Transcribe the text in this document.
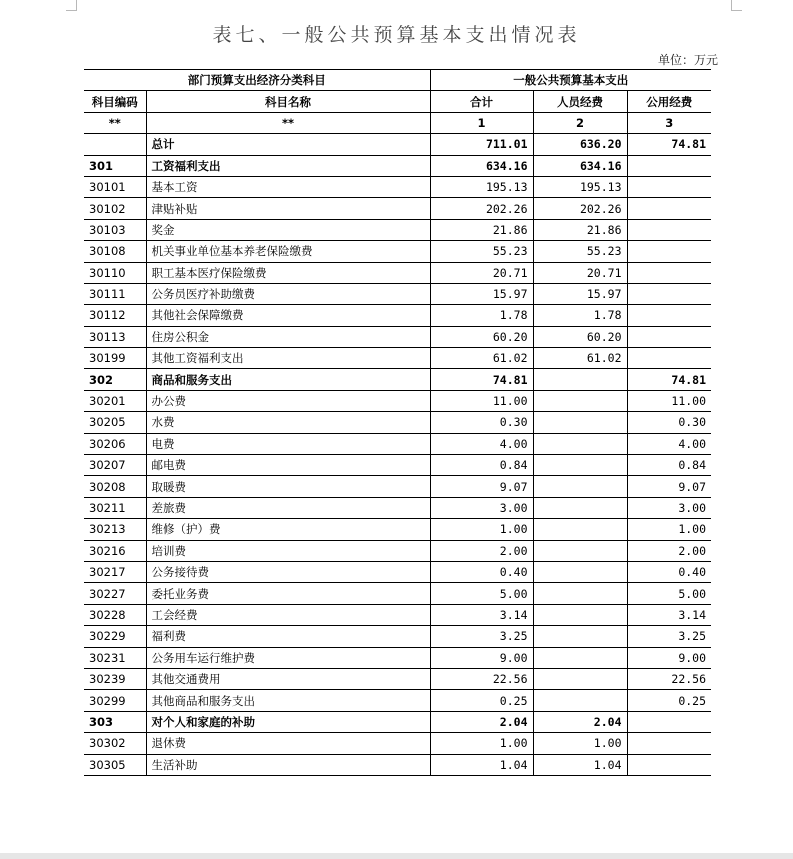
表七、一般公共预算基本支出情况表
单位：万元
部门预算支出经济分类科目		一般公共预算基本支出		
科目编码	科目名称	合计	人员经费	公用经费
**	**	1	2	3
	总计	711.01	636.20	74.81
301	工资福利支出	634.16	634.16	
30101	基本工资	195.13	195.13	
30102	津贴补贴	202.26	202.26	
30103	奖金	21.86	21.86	
30108	机关事业单位基本养老保险缴费	55.23	55.23	
30110	职工基本医疗保险缴费	20.71	20.71	
30111	公务员医疗补助缴费	15.97	15.97	
30112	其他社会保障缴费	1.78	1.78	
30113	住房公积金	60.20	60.20	
30199	其他工资福利支出	61.02	61.02	
302	商品和服务支出	74.81		74.81
30201	办公费	11.00		11.00
30205	水费	0.30		0.30
30206	电费	4.00		4.00
30207	邮电费	0.84		0.84
30208	取暖费	9.07		9.07
30211	差旅费	3.00		3.00
30213	维修（护）费	1.00		1.00
30216	培训费	2.00		2.00
30217	公务接待费	0.40		0.40
30227	委托业务费	5.00		5.00
30228	工会经费	3.14		3.14
30229	福利费	3.25		3.25
30231	公务用车运行维护费	9.00		9.00
30239	其他交通费用	22.56		22.56
30299	其他商品和服务支出	0.25		0.25
303	对个人和家庭的补助	2.04	2.04	
30302	退休费	1.00	1.00	
30305	生活补助	1.04	1.04	
